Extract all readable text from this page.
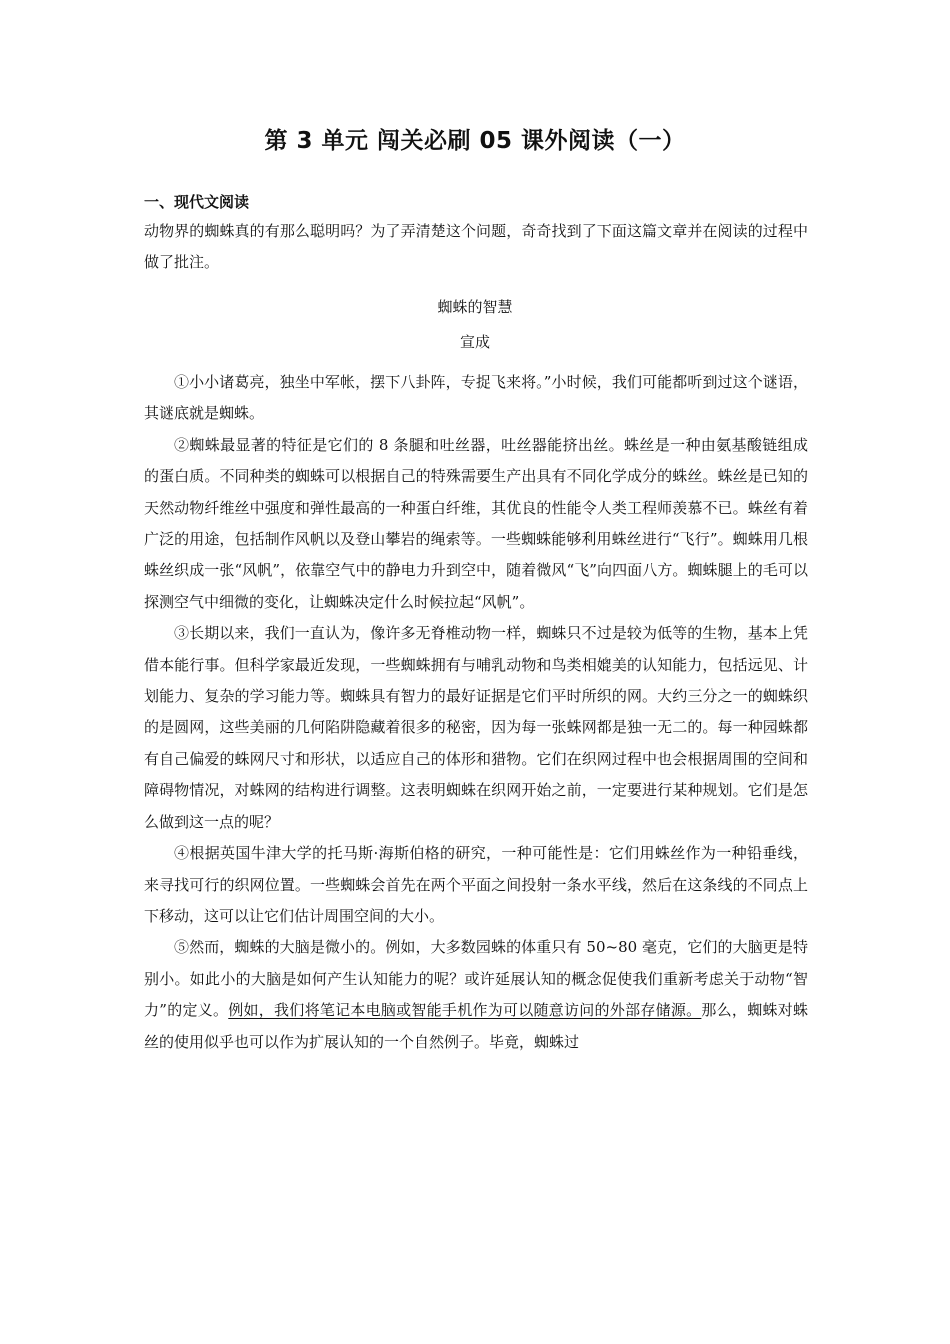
第 3 单元 闯关必刷 05 课外阅读（一）
一、现代文阅读
动物界的蜘蛛真的有那么聪明吗？为了弄清楚这个问题，奇奇找到了下面这篇文章并在阅读的过程中做了批注。
蜘蛛的智慧
宣成

①小小诸葛亮，独坐中军帐，摆下八卦阵，专捉飞来将。”小时候，我们可能都听到过这个谜语，其谜底就是蜘蛛。

②蜘蛛最显著的特征是它们的 8 条腿和吐丝器，吐丝器能挤出丝。蛛丝是一种由氨基酸链组成的蛋白质。不同种类的蜘蛛可以根据自己的特殊需要生产出具有不同化学成分的蛛丝。蛛丝是已知的天然动物纤维丝中强度和弹性最高的一种蛋白纤维，其优良的性能令人类工程师羡慕不已。蛛丝有着广泛的用途，包括制作风帆以及登山攀岩的绳索等。一些蜘蛛能够利用蛛丝进行“飞行”。蜘蛛用几根蛛丝织成一张“风帆”，依靠空气中的静电力升到空中，随着微风“飞”向四面八方。蜘蛛腿上的毛可以探测空气中细微的变化，让蜘蛛决定什么时候拉起“风帆”。

③长期以来，我们一直认为，像许多无脊椎动物一样，蜘蛛只不过是较为低等的生物，基本上凭借本能行事。但科学家最近发现，一些蜘蛛拥有与哺乳动物和鸟类相媲美的认知能力，包括远见、计划能力、复杂的学习能力等。蜘蛛具有智力的最好证据是它们平时所织的网。大约三分之一的蜘蛛织的是圆网，这些美丽的几何陷阱隐藏着很多的秘密，因为每一张蛛网都是独一无二的。每一种园蛛都有自己偏爱的蛛网尺寸和形状，以适应自己的体形和猎物。它们在织网过程中也会根据周围的空间和障碍物情况，对蛛网的结构进行调整。这表明蜘蛛在织网开始之前，一定要进行某种规划。它们是怎么做到这一点的呢？

④根据英国牛津大学的托马斯·海斯伯格的研究，一种可能性是：它们用蛛丝作为一种铅垂线，来寻找可行的织网位置。一些蜘蛛会首先在两个平面之间投射一条水平线，然后在这条线的不同点上下移动，这可以让它们估计周围空间的大小。

⑤然而，蜘蛛的大脑是微小的。例如，大多数园蛛的体重只有 50~80 毫克，它们的大脑更是特别小。如此小的大脑是如何产生认知能力的呢？或许延展认知的概念促使我们重新考虑关于动物“智力”的定义。例如，我们将笔记本电脑或智能手机作为可以随意访问的外部存储源。那么，蜘蛛对蛛丝的使用似乎也可以作为扩展认知的一个自然例子。毕竟，蜘蛛过
